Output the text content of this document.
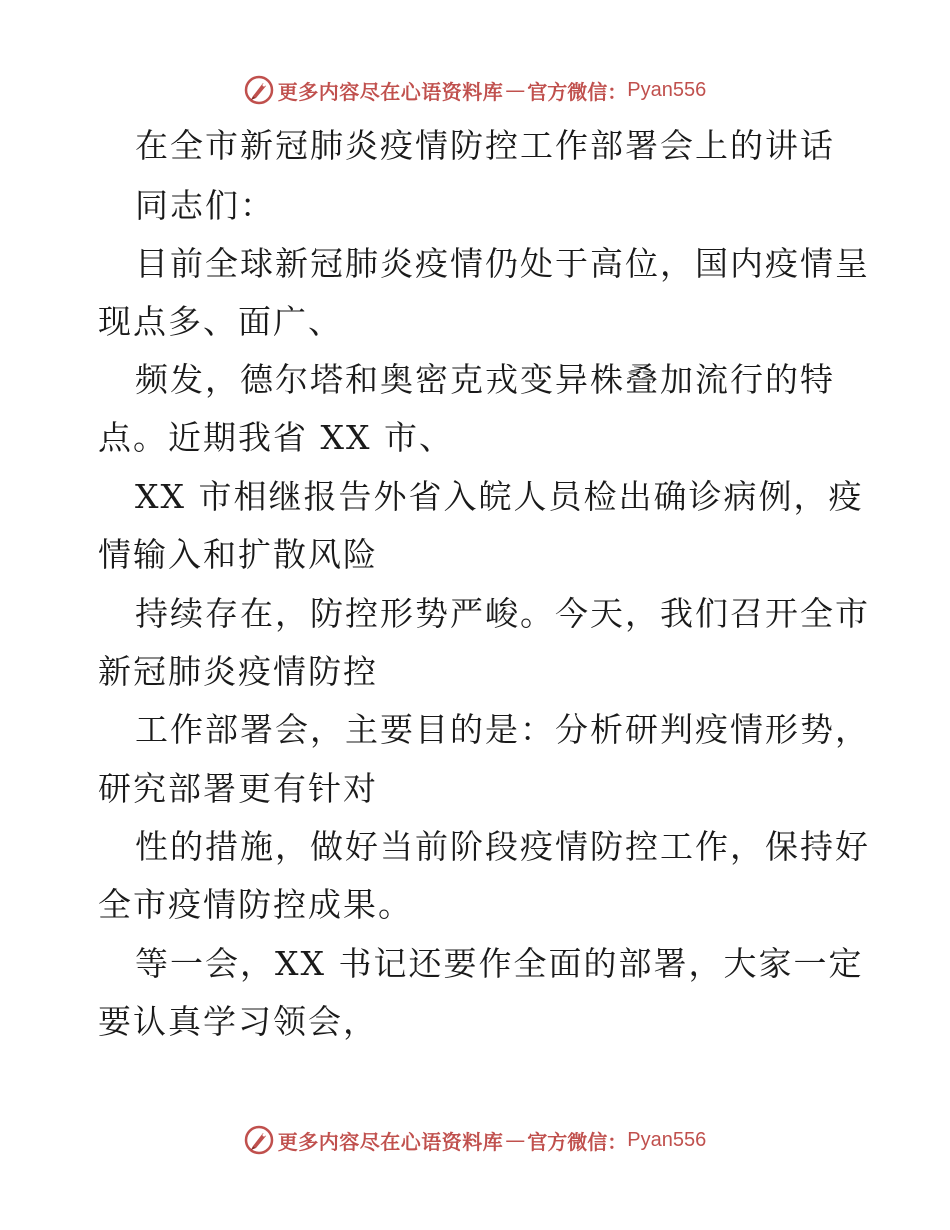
更多内容尽在心语资料库 — 官方微信： Pyan556
在全市新冠肺炎疫情防控工作部署会上的讲话
同志们：
目前全球新冠肺炎疫情仍处于高位，国内疫情呈
现点多、面广、
频发，德尔塔和奥密克戎变异株叠加流行的特
点。近期我省 XX 市、
XX 市相继报告外省入皖人员检出确诊病例，疫
情输入和扩散风险
持续存在，防控形势严峻。今天，我们召开全市
新冠肺炎疫情防控
工作部署会，主要目的是：分析研判疫情形势，
研究部署更有针对
性的措施，做好当前阶段疫情防控工作，保持好
全市疫情防控成果。
等一会，XX 书记还要作全面的部署，大家一定
要认真学习领会，
更多内容尽在心语资料库 — 官方微信： Pyan556
